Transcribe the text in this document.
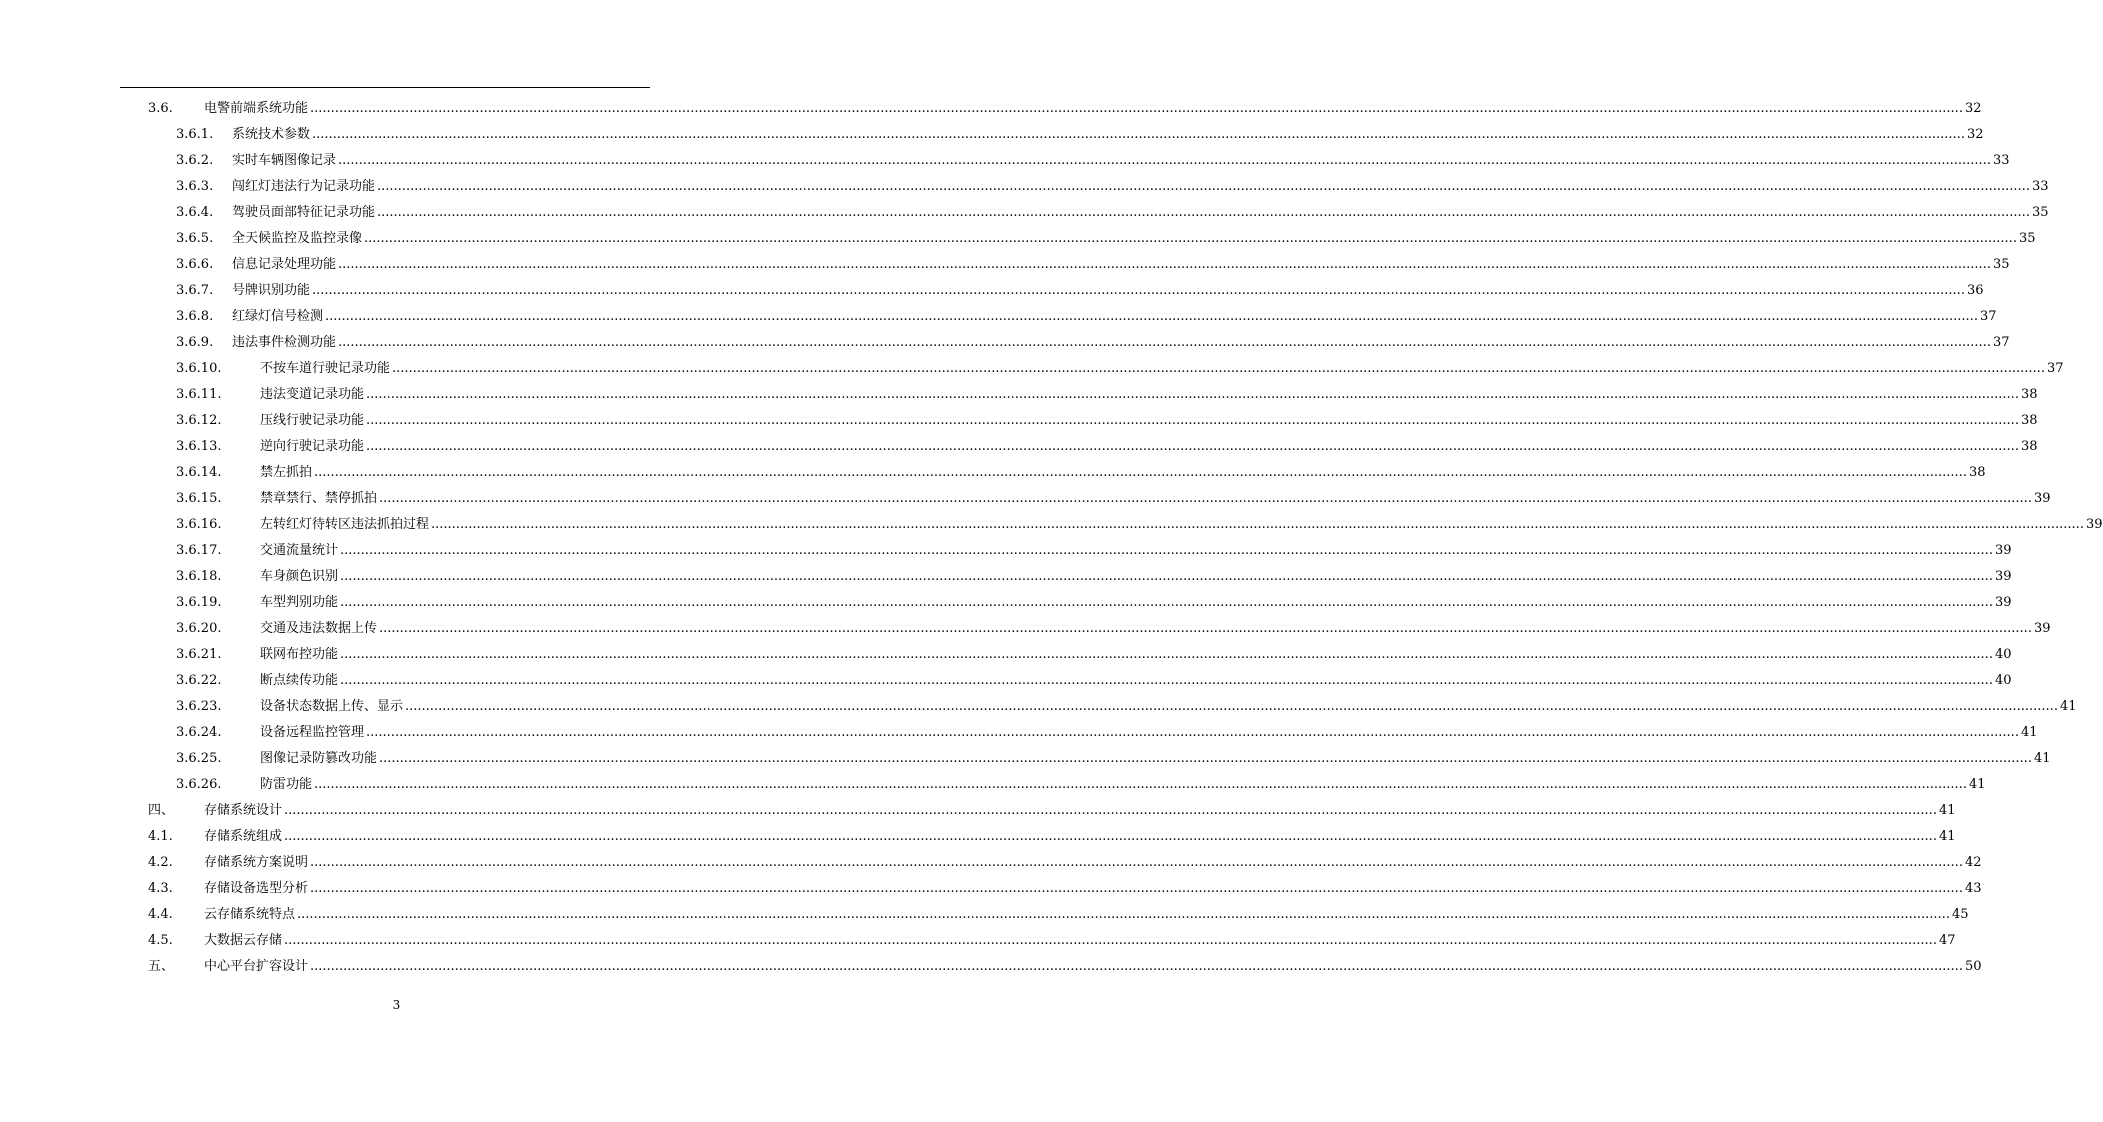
3.6. 电警前端系统功能 ................................................................................................................................................................................................................................................................................................................................................................................................................ 32
3.6.1. 系统技术参数 ................................................................................................................................................................................................................................................................................................................................................................................................................ 32
3.6.2. 实时车辆图像记录 ................................................................................................................................................................................................................................................................................................................................................................................................................ 33
3.6.3. 闯红灯违法行为记录功能 ................................................................................................................................................................................................................................................................................................................................................................................................................ 33
3.6.4. 驾驶员面部特征记录功能 ................................................................................................................................................................................................................................................................................................................................................................................................................ 35
3.6.5. 全天候监控及监控录像 ................................................................................................................................................................................................................................................................................................................................................................................................................ 35
3.6.6. 信息记录处理功能 ................................................................................................................................................................................................................................................................................................................................................................................................................ 35
3.6.7. 号牌识别功能 ................................................................................................................................................................................................................................................................................................................................................................................................................ 36
3.6.8. 红绿灯信号检测 ................................................................................................................................................................................................................................................................................................................................................................................................................ 37
3.6.9. 违法事件检测功能 ................................................................................................................................................................................................................................................................................................................................................................................................................ 37
3.6.10.	不按车道行驶记录功能 ................................................................................................................................................................................................................................................................................................................................................................................................................ 37
3.6.11.	违法变道记录功能 ................................................................................................................................................................................................................................................................................................................................................................................................................ 38
3.6.12.	压线行驶记录功能 ................................................................................................................................................................................................................................................................................................................................................................................................................ 38
3.6.13.	逆向行驶记录功能 ................................................................................................................................................................................................................................................................................................................................................................................................................ 38
3.6.14.	禁左抓拍 ................................................................................................................................................................................................................................................................................................................................................................................................................ 38
3.6.15.	禁章禁行、禁停抓拍 ................................................................................................................................................................................................................................................................................................................................................................................................................ 39
3.6.16.	左转红灯待转区违法抓拍过程 ................................................................................................................................................................................................................................................................................................................................................................................................................ 39
3.6.17.	交通流量统计 ................................................................................................................................................................................................................................................................................................................................................................................................................ 39
3.6.18.	车身颜色识别 ................................................................................................................................................................................................................................................................................................................................................................................................................ 39
3.6.19.	车型判别功能 ................................................................................................................................................................................................................................................................................................................................................................................................................ 39
3.6.20.	交通及违法数据上传 ................................................................................................................................................................................................................................................................................................................................................................................................................ 39
3.6.21.	联网布控功能 ................................................................................................................................................................................................................................................................................................................................................................................................................ 40
3.6.22.	断点续传功能 ................................................................................................................................................................................................................................................................................................................................................................................................................ 40
3.6.23.	设备状态数据上传、显示 ................................................................................................................................................................................................................................................................................................................................................................................................................ 41
3.6.24.	设备远程监控管理 ................................................................................................................................................................................................................................................................................................................................................................................................................ 41
3.6.25.	图像记录防篡改功能 ................................................................................................................................................................................................................................................................................................................................................................................................................ 41
3.6.26.	防雷功能 ................................................................................................................................................................................................................................................................................................................................................................................................................ 41
四、 存储系统设计 ................................................................................................................................................................................................................................................................................................................................................................................................................ 41
4.1. 存储系统组成 ................................................................................................................................................................................................................................................................................................................................................................................................................ 41
4.2. 存储系统方案说明 ................................................................................................................................................................................................................................................................................................................................................................................................................ 42
4.3. 存储设备选型分析 ................................................................................................................................................................................................................................................................................................................................................................................................................ 43
4.4. 云存储系统特点 ................................................................................................................................................................................................................................................................................................................................................................................................................ 45
4.5. 大数据云存储 ................................................................................................................................................................................................................................................................................................................................................................................................................ 47
五、 中心平台扩容设计 ................................................................................................................................................................................................................................................................................................................................................................................................................ 50
3
